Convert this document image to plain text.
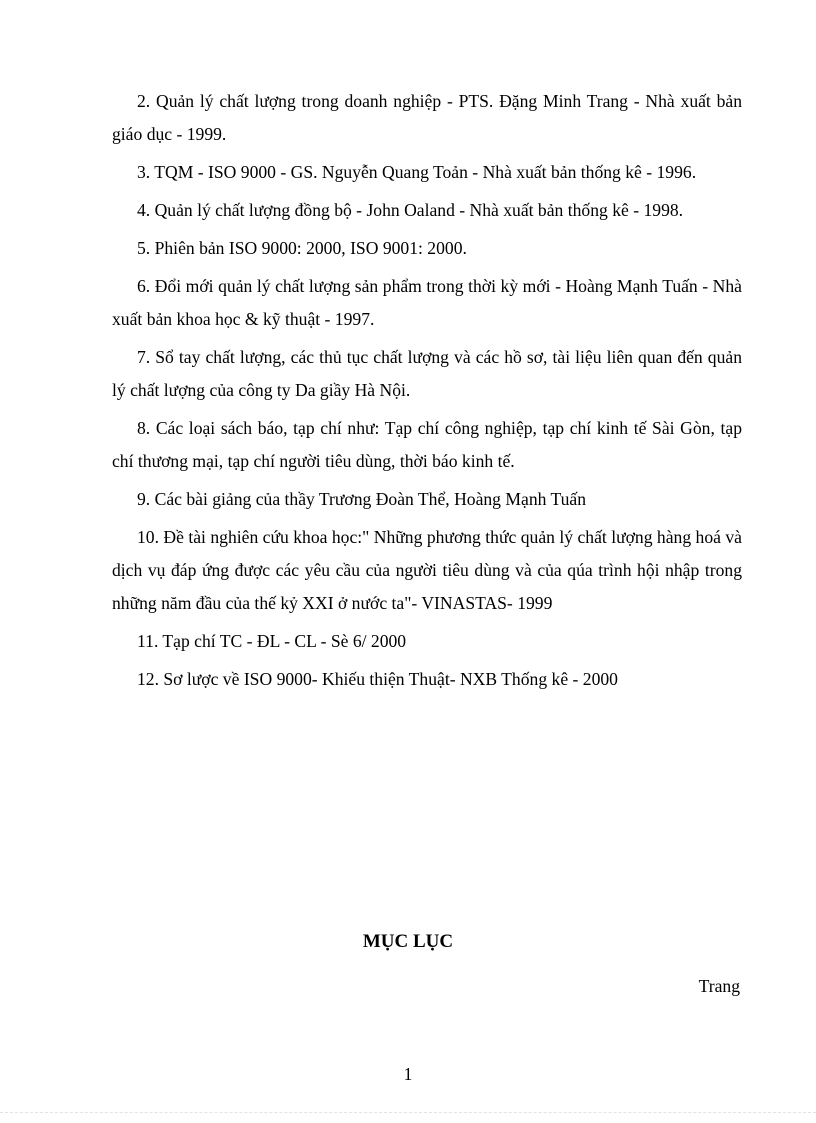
2. Quản lý chất lượng trong doanh nghiệp - PTS. Đặng Minh Trang - Nhà xuất bản giáo dục - 1999.

3. TQM - ISO 9000 - GS. Nguyễn Quang Toản - Nhà xuất bản thống kê - 1996.

4. Quản lý chất lượng đồng bộ - John Oaland - Nhà xuất bản thống kê - 1998.

5. Phiên bản ISO 9000: 2000, ISO 9001: 2000.

6. Đổi mới quản lý chất lượng sản phẩm trong thời kỳ mới - Hoàng Mạnh Tuấn - Nhà xuất bản khoa học & kỹ thuật - 1997.

7. Sổ tay chất lượng, các thủ tục chất lượng và các hồ sơ, tài liệu liên quan đến quản lý chất lượng của công ty Da giầy Hà Nội.

8. Các loại sách báo, tạp chí như: Tạp chí công nghiệp, tạp chí kinh tế Sài Gòn, tạp chí thương mại, tạp chí người tiêu dùng, thời báo kinh tế.

9. Các bài giảng của thầy Trương Đoàn Thể, Hoàng Mạnh Tuấn

10. Đề tài nghiên cứu khoa học:" Những phương thức quản lý chất lượng hàng hoá và dịch vụ đáp ứng được các yêu cầu của người tiêu dùng và của qúa trình hội nhập trong những năm đầu của thế kỷ XXI ở nước ta"- VINASTAS- 1999

11. Tạp chí TC - ĐL - CL - Sè 6/ 2000

12. Sơ lược về ISO 9000- Khiếu thiện Thuật- NXB Thống kê - 2000

MỤC LỤC
Trang
1
